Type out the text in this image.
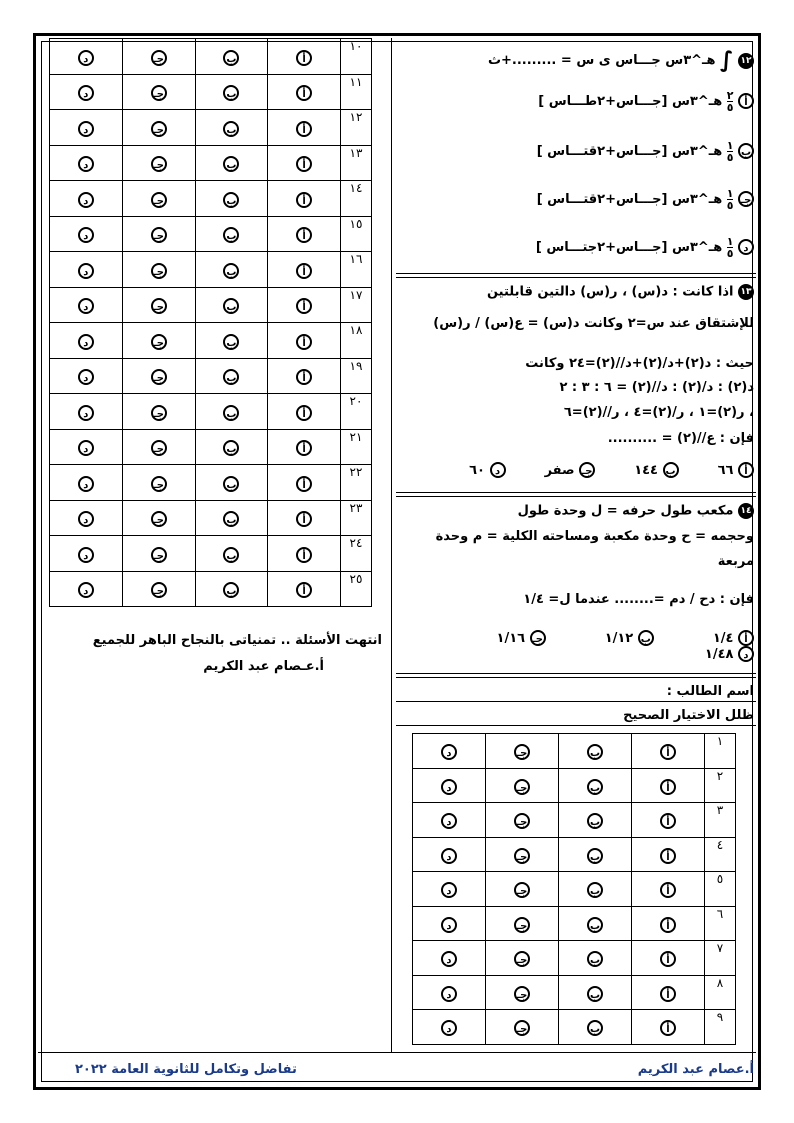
د	جـ	ب	أ	١٠
د	جـ	ب	أ	١١
د	جـ	ب	أ	١٢
د	جـ	ب	أ	١٣
د	جـ	ب	أ	١٤
د	جـ	ب	أ	١٥
د	جـ	ب	أ	١٦
د	جـ	ب	أ	١٧
د	جـ	ب	أ	١٨
د	جـ	ب	أ	١٩
د	جـ	ب	أ	٢٠
د	جـ	ب	أ	٢١
د	جـ	ب	أ	٢٢
د	جـ	ب	أ	٢٣
د	جـ	ب	أ	٢٤
د	جـ	ب	أ	٢٥
د	جـ	ب	أ	١
د	جـ	ب	أ	٢
د	جـ	ب	أ	٣
د	جـ	ب	أ	٤
د	جـ	ب	أ	٥
د	جـ	ب	أ	٦
د	جـ	ب	أ	٧
د	جـ	ب	أ	٨
د	جـ	ب	أ	٩
١٢ ∫ هـ^٣س جـــاس ى س = .........+ث
أ
$\frac{٢}{٥}$
هـ^٣س [جـــاس+٢طـــاس ]
ب
$\frac{١}{٥}$
هـ^٣س [جـــاس+٢قتـــاس ]
جـ
$\frac{١}{٥}$
هـ^٣س [جـــاس+٢قتـــاس ]
د
$\frac{١}{٥}$
هـ^٣س [جـــاس+٢جتـــاس ]
١٣ اذا كانت : د(س) ، ر(س) دالتين قابلتين
للإشتقاق عند س=٢ وكانت د(س) = ع(س) / ر(س)
حيث : د(٢)+د/(٢)+د//(٢)=٢٤ وكانت
د(٢) : د/(٢) : د//(٢) = ٦ : ٣ : ٢
، ر(٢)=١ ، ر/(٢)=٤ ، ر//(٢)=٦
فإن : ع//(٢) = ..........
أ ٦٦  ب ١٤٤  جـ صفر  د ٦٠
١٤ مكعب طول حرفه = ل وحدة طول
وحجمه = ح وحدة مكعبة ومساحته الكلية = م وحدة
مربعة
فإن : دح / دم =........ عندما ل= ١/٤
أ ١/٤  ب ١/١٢  جـ ١/١٦  د ١/٤٨
اسم الطالب :
ظلل الاختيار الصحيح
انتهت الأسئلة .. تمنياتى بالنجاح الباهر للجميع
أ.عـصام عبد الكريم
أ.عصام عبد الكريم
تفاضل وتكامل للثانوية العامة ٢٠٢٢
